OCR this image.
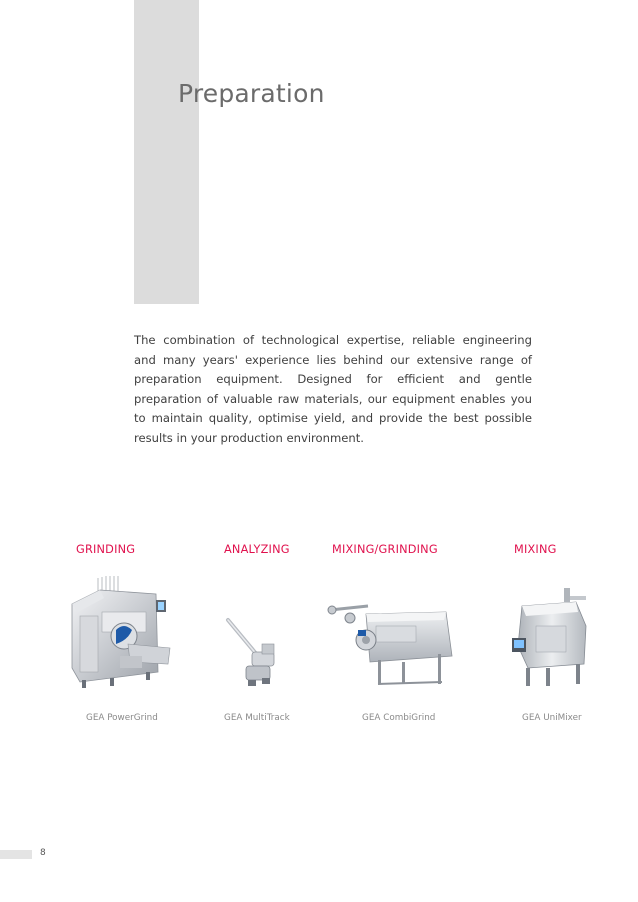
Preparation

The combination of technological expertise, reliable engineering and many years' experience lies behind our extensive range of preparation equipment. Designed for efficient and gentle preparation of valuable raw materials, our equipment enables you to maintain quality, optimise yield, and provide the best possible results in your production environment.

GRINDING	ANALYZING	MIXING/GRINDING	MIXING
GEA PowerGrind	GEA MultiTrack	GEA CombiGrind	GEA UniMixer
8
